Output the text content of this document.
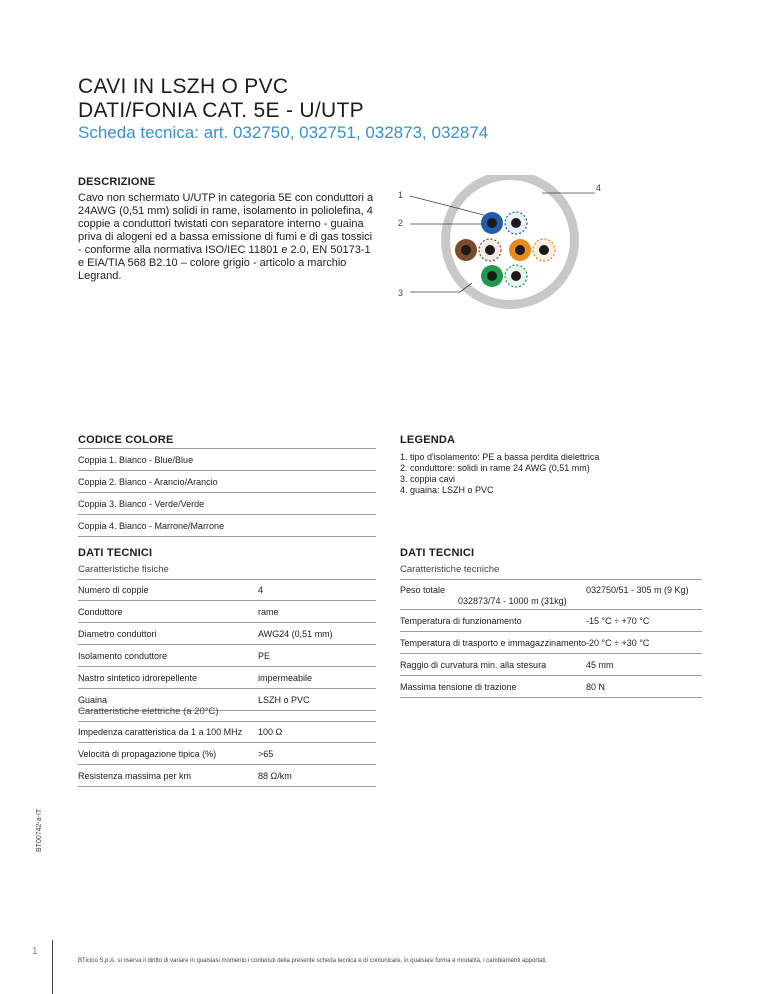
CAVI IN LSZH O PVC
DATI/FONIA CAT. 5E - U/UTP
Scheda tecnica: art. 032750, 032751, 032873, 032874
DESCRIZIONE
Cavo non schermato U/UTP in categoria 5E con conduttori a 24AWG (0,51 mm) solidi in rame, isolamento in poliolefina, 4 coppie a conduttori twistati con separatore interno - guaina priva di alogeni ed a bassa emissione di fumi e di gas tossici - conforme alla normativa ISO/IEC 11801 e 2.0, EN 50173-1 e EIA/TIA 568 B2.10 – colore grigio - articolo a marchio Legrand.
1
2
3
4
CODICE COLORE
Coppia 1. Bianco - Blue/Blue
Coppia 2. Bianco - Arancio/Arancio
Coppia 3. Bianco - Verde/Verde
Coppia 4. Bianco - Marrone/Marrone
LEGENDA
1. tipo d'isolamento: PE a bassa perdita dielettrica
2. conduttore: solidi in rame 24 AWG (0,51 mm)
3. coppia cavi
4. guaina: LSZH o PVC
DATI TECNICI
Caratteristiche fisiche
Numero di coppie	4
Conduttore	rame
Diametro conduttori	AWG24 (0,51 mm)
Isolamento conduttore	PE
Nastro sintetico idrorepellente	impermeabile
Guaina	LSZH o PVC
Caratteristiche elettriche (a 20°C)
Impedenza caratteristica da 1 a 100 MHz 100 Ω
Velocità di propagazione tipica (%)	>65
Resistenza massima per km	88 Ω/km
DATI TECNICI
Caratteristiche tecniche
Peso totale	032750/51 - 305 m (9 Kg)
032873/74 - 1000 m (31kg)
Temperatura di funzionamento	-15 °C ÷ +70 °C
Temperatura di trasporto e immagazzinamento -20 °C ÷ +30 °C
Raggio di curvatura min. alla stesura	45 mm
Massima tensione di trazione	80 N
BT00742-a-IT
1
BTicino S.p.A. si riserva il diritto di variare in qualsiasi momento i contenuti della presente scheda tecnica e di comunicare, in qualsiasi forma e modalità, i cambiamenti apportati.
